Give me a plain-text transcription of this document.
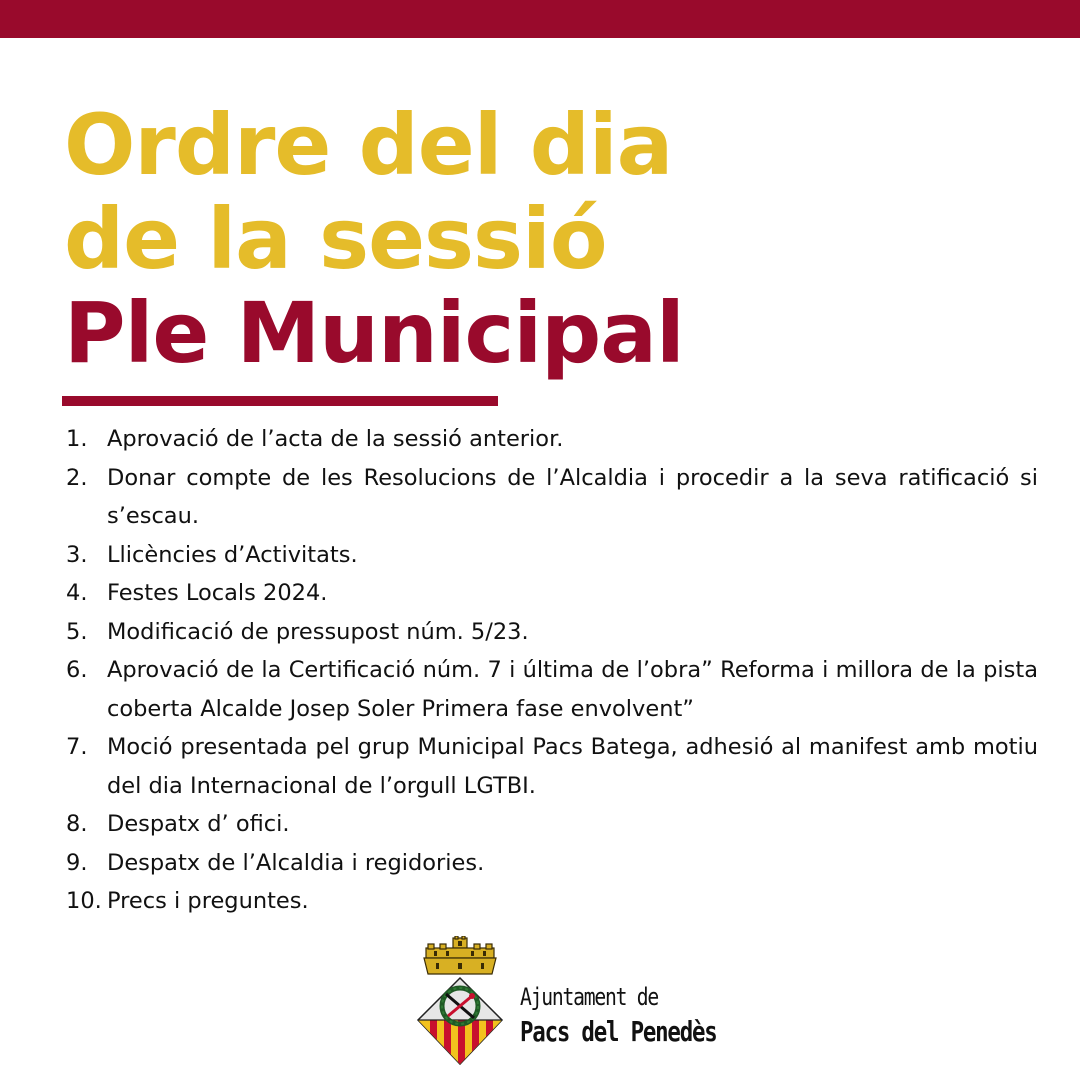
Ordre del dia
de la sessió
Ple Municipal
1. Aprovació de l’acta de la sessió anterior.
2. Donar compte de les Resolucions de l’Alcaldia i procedir a la seva ratificació si s’escau.
3. Llicències d’Activitats.
4. Festes Locals 2024.
5. Modificació de pressupost núm. 5/23.
6. Aprovació de la Certificació núm. 7 i última de l’obra” Reforma i millora de la pista coberta Alcalde Josep Soler Primera fase envolvent”
7. Moció presentada pel grup Municipal Pacs Batega, adhesió al manifest amb motiu del dia Internacional de l’orgull LGTBI.
8. Despatx d’ ofici.
9. Despatx de l’Alcaldia i regidories.
10. Precs i preguntes.
Ajuntament de
Pacs del Penedès
